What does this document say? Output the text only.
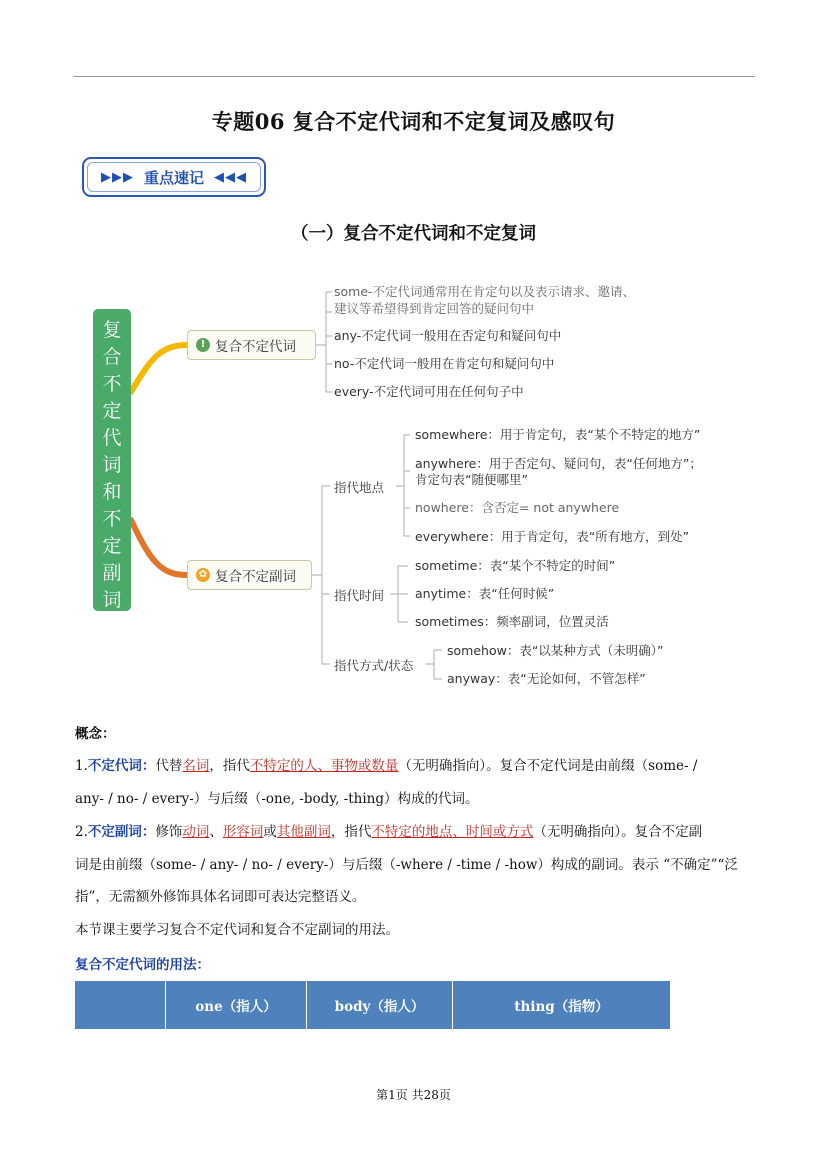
专题06 复合不定代词和不定复词及感叹句
▶▶▶ 重点速记 ◀◀◀
（一）复合不定代词和不定复词
复
合
不
定
代
词
和
不
定
副
词
! 复合不定代词
some-不定代词通常用在肯定句以及表示请求、邀请、
建议等希望得到肯定回答的疑问句中
any-不定代词一般用在否定句和疑问句中
no-不定代词一般用在肯定句和疑问句中
every-不定代词可用在任何句子中
✿ 复合不定副词
指代地点
somewhere：用于肯定句，表“某个不特定的地方”
anywhere：用于否定句、疑问句，表“任何地方”；
肯定句表“随便哪里”
nowhere：含否定= not anywhere
everywhere：用于肯定句，表“所有地方，到处”
指代时间
sometime：表“某个不特定的时间”
anytime：表“任何时候”
sometimes：频率副词，位置灵活
指代方式/状态
somehow：表“以某种方式（未明确）”
anyway：表“无论如何，不管怎样”
概念：
1.不定代词：代替名词，指代不特定的人、事物或数量（无明确指向）。复合不定代词是由前缀（some- /
any- / no- / every-）与后缀（-one, -body, -thing）构成的代词。
2.不定副词：修饰动词、形容词或其他副词，指代不特定的地点、时间或方式（无明确指向）。复合不定副
词是由前缀（some- / any- / no- / every-）与后缀（-where / -time / -how）构成的副词。表示 “不确定”“泛
指”，无需额外修饰具体名词即可表达完整语义。
本节课主要学习复合不定代词和复合不定副词的用法。
复合不定代词的用法：
	one（指人）	body（指人）	thing（指物）
第1页 共28页
